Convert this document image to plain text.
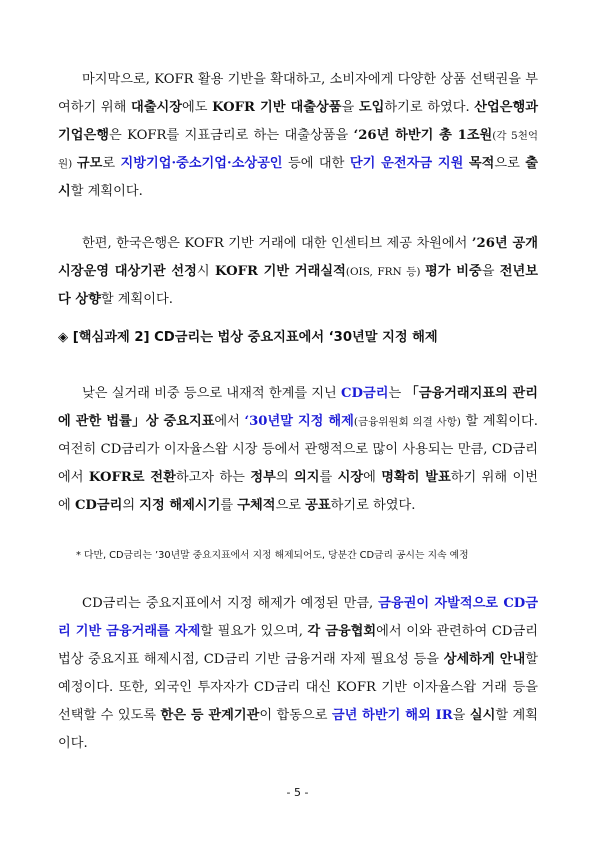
마지막으로, KOFR 활용 기반을 확대하고, 소비자에게 다양한 상품 선택권을 부여하기 위해 대출시장에도 KOFR 기반 대출상품을 도입하기로 하였다. 산업은행과 기업은행은 KOFR를 지표금리로 하는 대출상품을 ‘26년 하반기 총 1조원(각 5천억원) 규모로 지방기업·중소기업·소상공인 등에 대한 단기 운전자금 지원 목적으로 출시할 계획이다.
한편, 한국은행은 KOFR 기반 거래에 대한 인센티브 제공 차원에서 ’26년 공개시장운영 대상기관 선정시 KOFR 기반 거래실적(OIS, FRN 등) 평가 비중을 전년보다 상향할 계획이다.
◈ [핵심과제 2] CD금리는 법상 중요지표에서 ‘30년말 지정 해제
낮은 실거래 비중 등으로 내재적 한계를 지닌 CD금리는 「금융거래지표의 관리에 관한 법률」상 중요지표에서 ‘30년말 지정 해제(금융위원회 의결 사항) 할 계획이다. 여전히 CD금리가 이자율스왑 시장 등에서 관행적으로 많이 사용되는 만큼, CD금리에서 KOFR로 전환하고자 하는 정부의 의지를 시장에 명확히 발표하기 위해 이번에 CD금리의 지정 해제시기를 구체적으로 공표하기로 하였다.
* 다만, CD금리는 ’30년말 중요지표에서 지정 해제되어도, 당분간 CD금리 공시는 지속 예정
CD금리는 중요지표에서 지정 해제가 예정된 만큼, 금융권이 자발적으로 CD금리 기반 금융거래를 자제할 필요가 있으며, 각 금융협회에서 이와 관련하여 CD금리 법상 중요지표 해제시점, CD금리 기반 금융거래 자제 필요성 등을 상세하게 안내할 예정이다. 또한, 외국인 투자자가 CD금리 대신 KOFR 기반 이자율스왑 거래 등을 선택할 수 있도록 한은 등 관계기관이 합동으로 금년 하반기 해외 IR을 실시할 계획이다.
- 5 -
